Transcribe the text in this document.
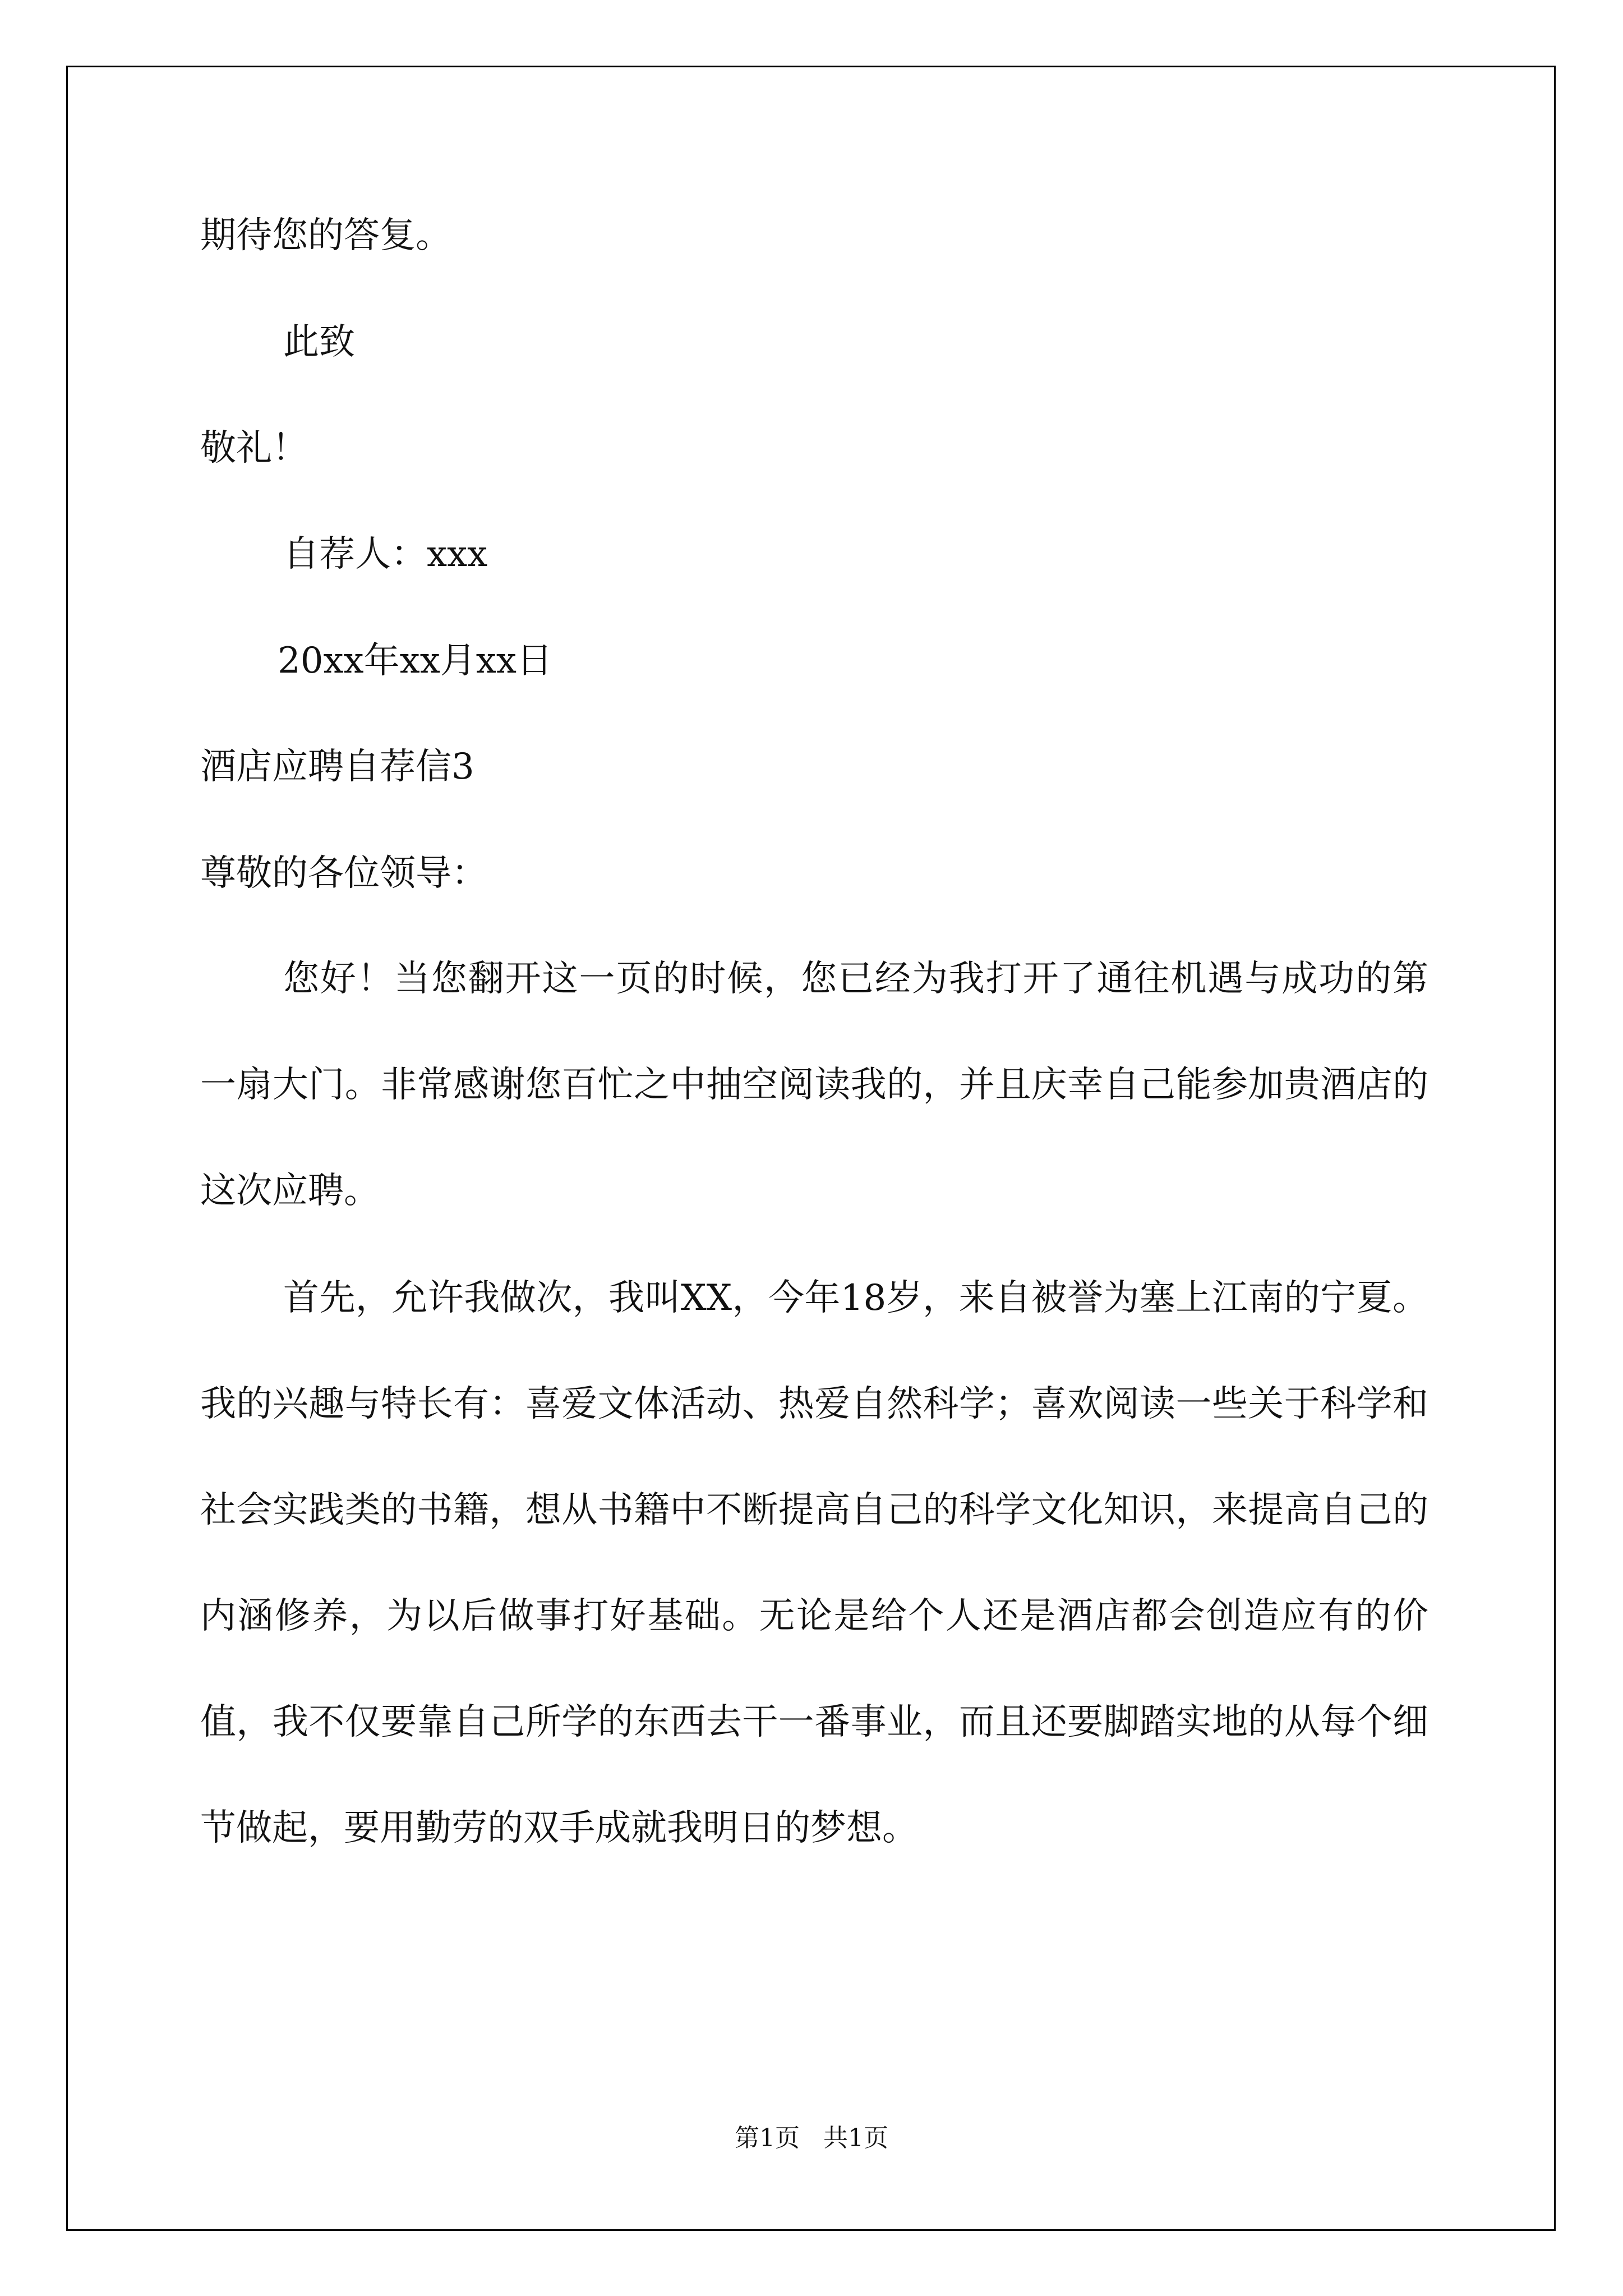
期待您的答复。

此致

敬礼！

自荐人：xxx

20xx年xx月xx日

酒店应聘自荐信3

尊敬的各位领导：

您好！当您翻开这一页的时候，您已经为我打开了通往机遇与成功的第一扇大门。非常感谢您百忙之中抽空阅读我的，并且庆幸自己能参加贵酒店的这次应聘。

首先，允许我做次，我叫XX，今年18岁，来自被誉为塞上江南的宁夏。我的兴趣与特长有：喜爱文体活动、热爱自然科学；喜欢阅读一些关于科学和社会实践类的书籍，想从书籍中不断提高自己的科学文化知识，来提高自己的内涵修养，为以后做事打好基础。无论是给个人还是酒店都会创造应有的价值，我不仅要靠自己所学的东西去干一番事业，而且还要脚踏实地的从每个细节做起，要用勤劳的双手成就我明日的梦想。

第1页   共1页
